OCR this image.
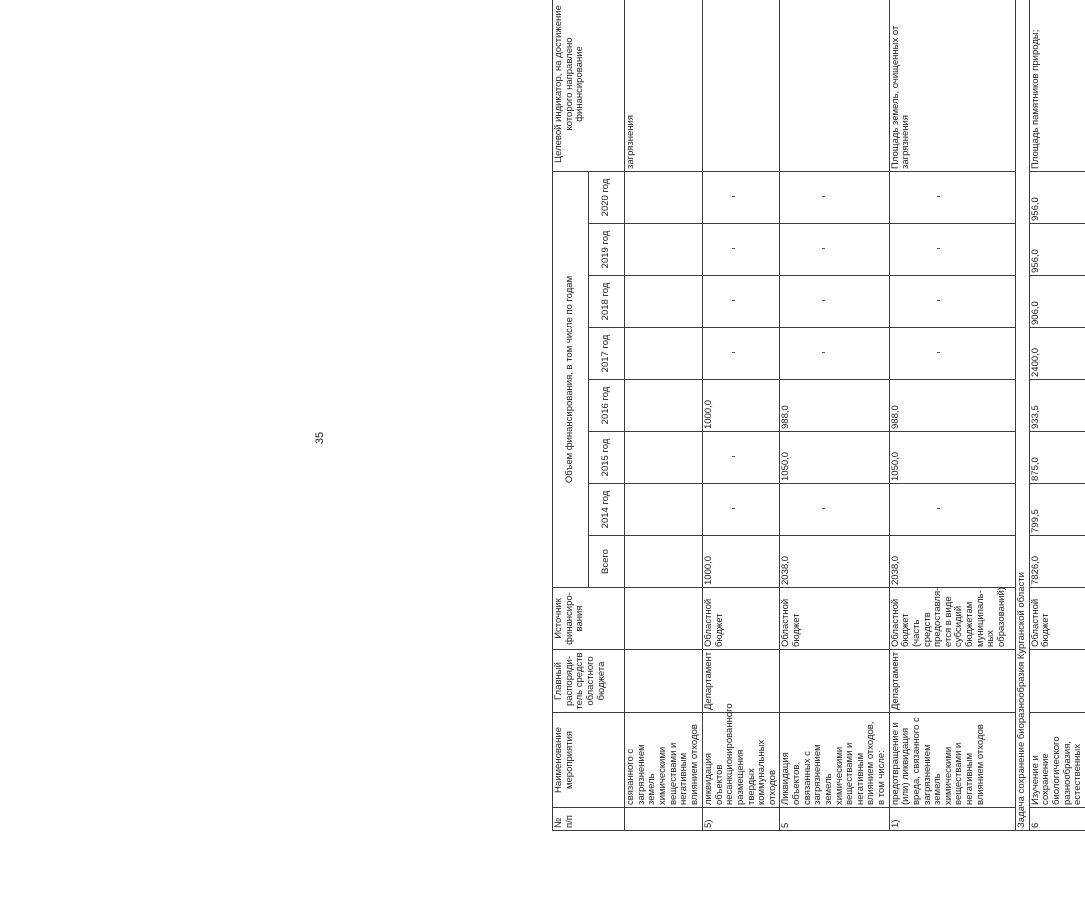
35
№ п/п	Наименование мероприятия	Главный распоряди-тель средств областного бюджета	Источник финансиро-вания	Объем финансирования, в том числе по годам								Целевой индикатор, на достижение которого направлено финансирование
				Всего	2014 год	2015 год	2016 год	2017 год	2018 год	2019 год	2020 год	
	связанного с загрязнением земель химическими веществами и негативным влиянием отходов											загрязнения
5)	ликвидация объектов несанкционированного размещения твердых коммунальных отходов	Департамент	Областной бюджет	1000,0			1000,0					
5	Ликвидация объектов, связанных с загрязнением земель химическими веществами и негативным влиянием отходов, в том числе:		Областной бюджет	2038,0		1050,0	988,0					
1)	предотвращение и (или) ликвидация вреда, связанного с загрязнением земель химическими веществами и негативным влиянием отходов	Департамент	Областной бюджет (часть средств предоставля-ется в виде субсидий бюджетам муниципаль-ных образований)	2038,0		1050,0	988,0					Площадь земель, очищенных от загрязнения
Задача сохранение биоразнообразия Курганской области												
6	Изучение и сохранение биологического разнообразия, естественных		Областной бюджет	7826,0	799,5	875,0	933,5	2400,0	906,0	956,0	956,0	Площадь памятников природы;
